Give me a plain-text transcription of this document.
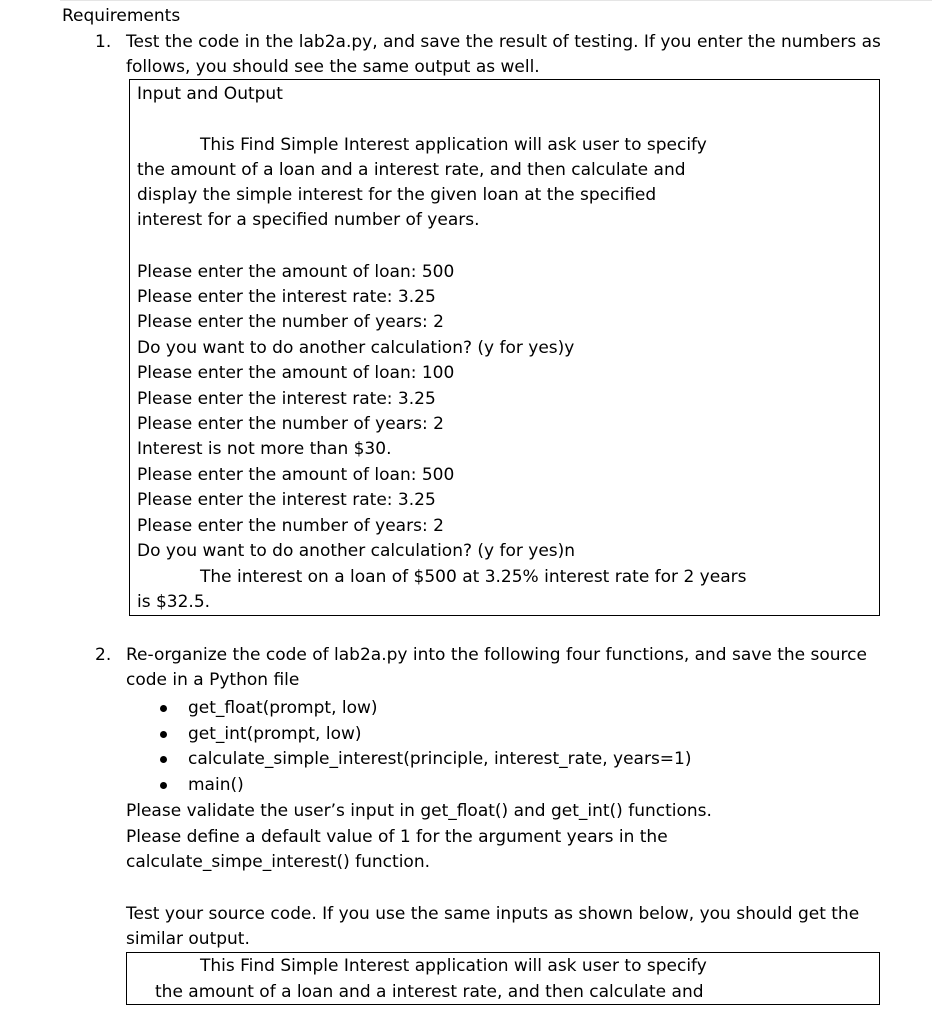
Requirements
1. Test the code in the lab2a.py, and save the result of testing. If you enter the numbers as
follows, you should see the same output as well.
Input and Output
This Find Simple Interest application will ask user to specify
the amount of a loan and a interest rate, and then calculate and
display the simple interest for the given loan at the specified
interest for a specified number of years.
Please enter the amount of loan: 500
Please enter the interest rate: 3.25
Please enter the number of years: 2
Do you want to do another calculation? (y for yes)y
Please enter the amount of loan: 100
Please enter the interest rate: 3.25
Please enter the number of years: 2
Interest is not more than $30.
Please enter the amount of loan: 500
Please enter the interest rate: 3.25
Please enter the number of years: 2
Do you want to do another calculation? (y for yes)n
The interest on a loan of $500 at 3.25% interest rate for 2 years
is $32.5.
2. Re-organize the code of lab2a.py into the following four functions, and save the source
code in a Python file
get_float(prompt, low)
get_int(prompt, low)
calculate_simple_interest(principle, interest_rate, years=1)
main()
Please validate the user’s input in get_float() and get_int() functions.
Please define a default value of 1 for the argument years in the
calculate_simpe_interest() function.
Test your source code. If you use the same inputs as shown below, you should get the
similar output.
This Find Simple Interest application will ask user to specify
the amount of a loan and a interest rate, and then calculate and
